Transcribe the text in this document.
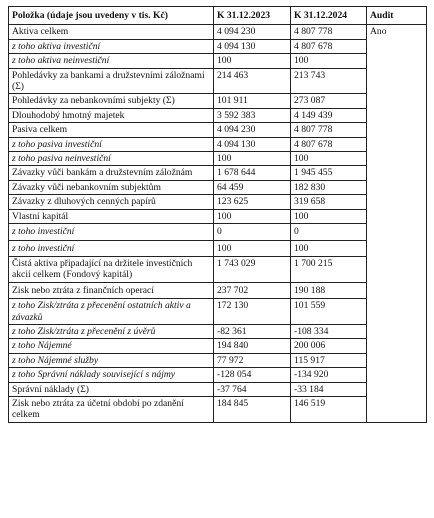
Položka (údaje jsou uvedeny v tis. Kč)	K 31.12.2023	K 31.12.2024	Audit
Aktiva celkem	4 094 230	4 807 778	Ano
z toho aktiva investiční	4 094 130	4 807 678	
z toho aktiva neinvestiční	100	100	
Pohledávky za bankami a družstevními záložnami (Σ)	214 463	213 743	
Pohledávky za nebankovními subjekty (Σ)	101 911	273 087	
Dlouhodobý hmotný majetek	3 592 383	4 149 439	
Pasiva celkem	4 094 230	4 807 778	
z toho pasiva investiční	4 094 130	4 807 678	
z toho pasiva neinvestiční	100	100	
Závazky vůči bankám a družstevním záložnám	1 678 644	1 945 455	
Závazky vůči nebankovním subjektům	64 459	182 830	
Závazky z dluhových cenných papírů	123 625	319 658	
Vlastní kapitál	100	100	
z toho investiční	0	0	
z toho investiční	100	100	
Čistá aktiva připadající na držitele investičních akcií celkem (Fondový kapitál)	1 743 029	1 700 215	
Zisk nebo ztráta z finančních operací	237 702	190 188	
z toho Zisk/ztráta z přecenění ostatních aktiv a závazků	172 130	101 559	
z toho Zisk/ztráta z přecenění z úvěrů	-82 361	-108 334	
z toho Nájemné	194 840	200 006	
z toho Nájemné služby	77 972	115 917	
z toho Správní náklady související s nájmy	-128 054	-134 920	
Správní náklady (Σ)	-37 764	-33 184	
Zisk nebo ztráta za účetní období po zdanění celkem	184 845	146 519	
